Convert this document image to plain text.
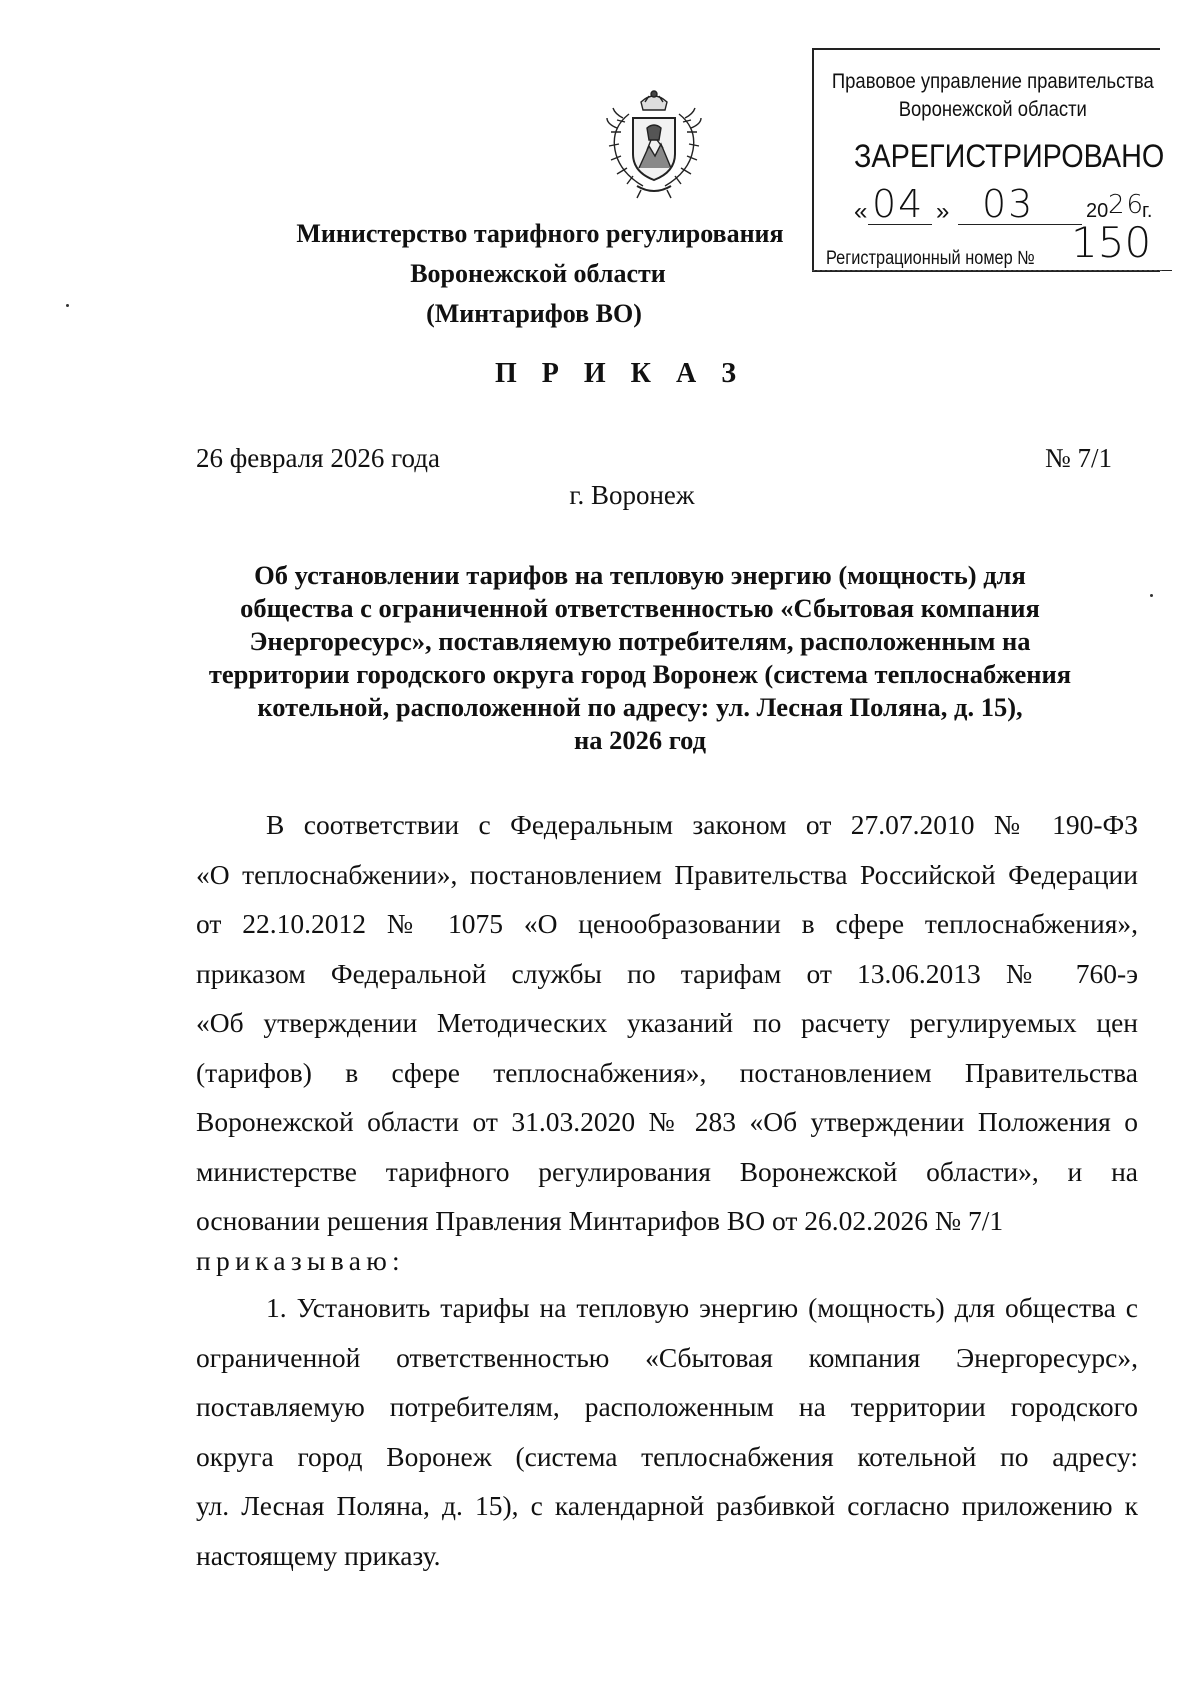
Правовое управление правительства Воронежской области
ЗАРЕГИСТРИРОВАНО
« 04 » 03	20 26
г.
Регистрационный номер № 150
Министерство тарифного регулирования
Воронежской области
(Минтарифов ВО)
П Р И К А З
26 февраля 2026 года	№ 7/1
г. Воронеж
Об установлении тарифов на тепловую энергию (мощность) для
общества с ограниченной ответственностью «Сбытовая компания
Энергоресурс», поставляемую потребителям, расположенным на
территории городского округа город Воронеж (система теплоснабжения
котельной, расположенной по адресу: ул. Лесная Поляна, д. 15),
на 2026 год
В соответствии с Федеральным законом от 27.07.2010 № 190-ФЗ
«О теплоснабжении», постановлением Правительства Российской Федерации
от 22.10.2012 № 1075 «О ценообразовании в сфере теплоснабжения»,
приказом Федеральной службы по тарифам от 13.06.2013 № 760-э
«Об утверждении Методических указаний по расчету регулируемых цен
(тарифов) в сфере теплоснабжения», постановлением Правительства
Воронежской области от 31.03.2020 № 283 «Об утверждении Положения о
министерстве тарифного регулирования Воронежской области», и на
основании решения Правления Минтарифов ВО от 26.02.2026 № 7/1
приказываю:
1. Установить тарифы на тепловую энергию (мощность) для общества с
ограниченной ответственностью «Сбытовая компания Энергоресурс»,
поставляемую потребителям, расположенным на территории городского
округа город Воронеж (система теплоснабжения котельной по адресу:
ул. Лесная Поляна, д. 15), с календарной разбивкой согласно приложению к
настоящему приказу.
